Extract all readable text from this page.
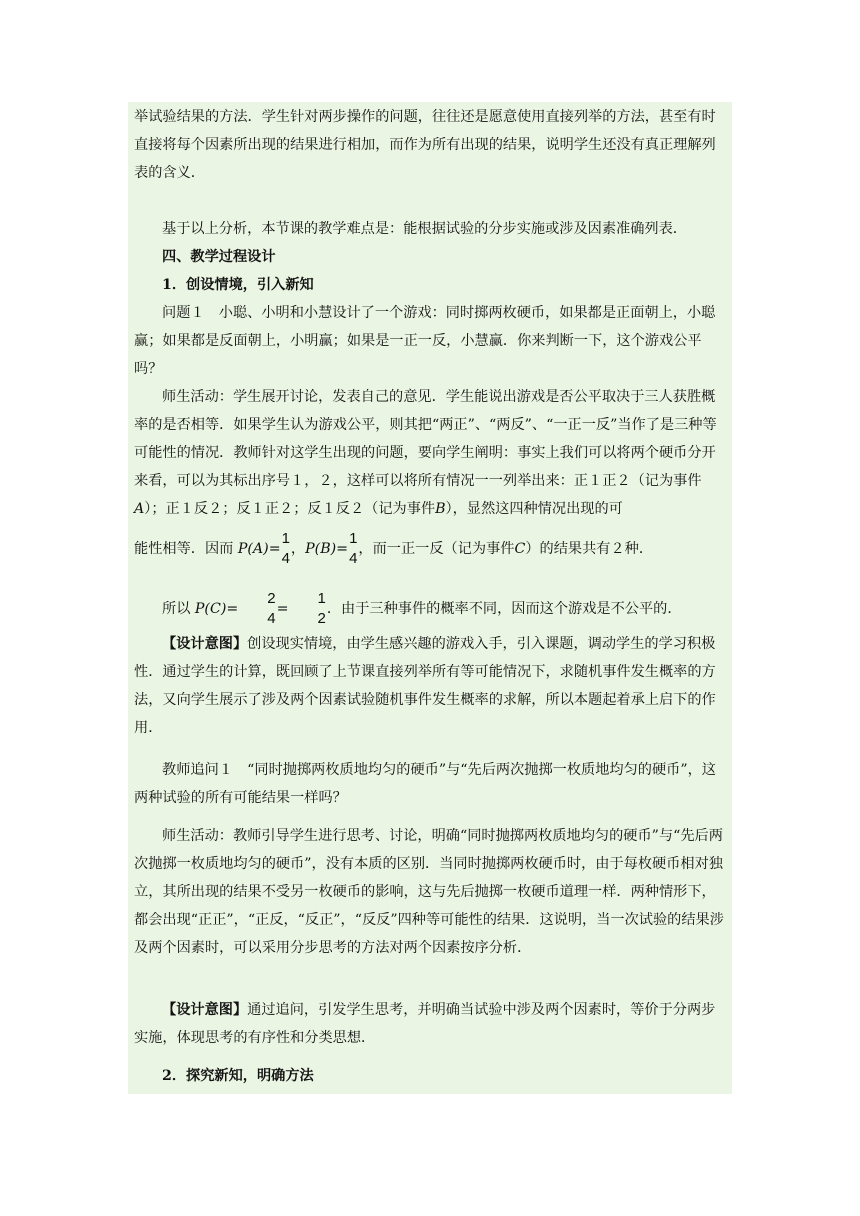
举试验结果的方法．学生针对两步操作的问题，往往还是愿意使用直接列举的方法，甚至有时直接将每个因素所出现的结果进行相加，而作为所有出现的结果，说明学生还没有真正理解列表的含义．

基于以上分析，本节课的教学难点是：能根据试验的分步实施或涉及因素准确列表．

四、教学过程设计

1．创设情境，引入新知

问题１　小聪、小明和小慧设计了一个游戏：同时掷两枚硬币，如果都是正面朝上，小聪赢；如果都是反面朝上，小明赢；如果是一正一反，小慧赢．你来判断一下，这个游戏公平吗？

师生活动：学生展开讨论，发表自己的意见．学生能说出游戏是否公平取决于三人获胜概率的是否相等．如果学生认为游戏公平，则其把“两正”、“两反”、“一正一反”当作了是三种等可能性的情况．教师针对这学生出现的问题，要向学生阐明：事实上我们可以将两个硬币分开来看，可以为其标出序号１，２，这样可以将所有情况一一列举出来：正１正２（记为事件A）；正１反２；反１正２；反１反２（记为事件B），显然这四种情况出现的可

能性相等．因而 P(A)=
1
4
，P(B)=
1
4
，而一正一反（记为事件C）的结果共有２种．

所以 P(C)=
2
4
=
1
2
．由于三种事件的概率不同，因而这个游戏是不公平的．

【设计意图】创设现实情境，由学生感兴趣的游戏入手，引入课题，调动学生的学习积极性．通过学生的计算，既回顾了上节课直接列举所有等可能情况下，求随机事件发生概率的方法，又向学生展示了涉及两个因素试验随机事件发生概率的求解，所以本题起着承上启下的作用．

教师追问１　“同时抛掷两枚质地均匀的硬币”与“先后两次抛掷一枚质地均匀的硬币”，这两种试验的所有可能结果一样吗？

师生活动：教师引导学生进行思考、讨论，明确“同时抛掷两枚质地均匀的硬币”与“先后两次抛掷一枚质地均匀的硬币”，没有本质的区别．当同时抛掷两枚硬币时，由于每枚硬币相对独立，其所出现的结果不受另一枚硬币的影响，这与先后抛掷一枚硬币道理一样．两种情形下，都会出现“正正”，“正反，“反正”，“反反”四种等可能性的结果．这说明，当一次试验的结果涉及两个因素时，可以采用分步思考的方法对两个因素按序分析．

【设计意图】通过追问，引发学生思考，并明确当试验中涉及两个因素时，等价于分两步实施，体现思考的有序性和分类思想．

2．探究新知，明确方法
